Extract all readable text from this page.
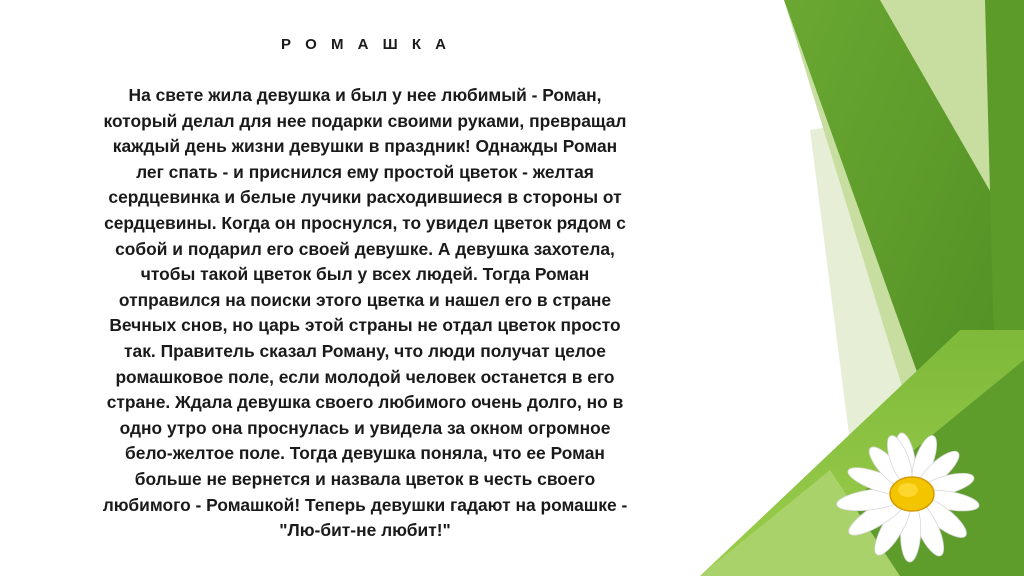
Р О М А Ш К А

На свете жила девушка и был у нее любимый - Роман,
который делал для нее подарки своими руками, превращал
каждый день жизни девушки в праздник! Однажды Роман
лег спать - и приснился ему простой цветок - желтая
сердцевинка и белые лучики расходившиеся в стороны от
сердцевины. Когда он проснулся, то увидел цветок рядом с
собой и подарил его своей девушке. А девушка захотела,
чтобы такой цветок был у всех людей. Тогда Роман
отправился на поиски этого цветка и нашел его в стране
Вечных снов, но царь этой страны не отдал цветок просто
так. Правитель сказал Роману, что люди получат целое
ромашковое поле, если молодой человек останется в его
стране. Ждала девушка своего любимого очень долго, но в
одно утро она проснулась и увидела за окном огромное
бело-желтое поле. Тогда девушка поняла, что ее Роман
больше не вернется и назвала цветок в честь своего
любимого - Ромашкой! Теперь девушки гадают на ромашке -
"Лю-бит-не любит!"
